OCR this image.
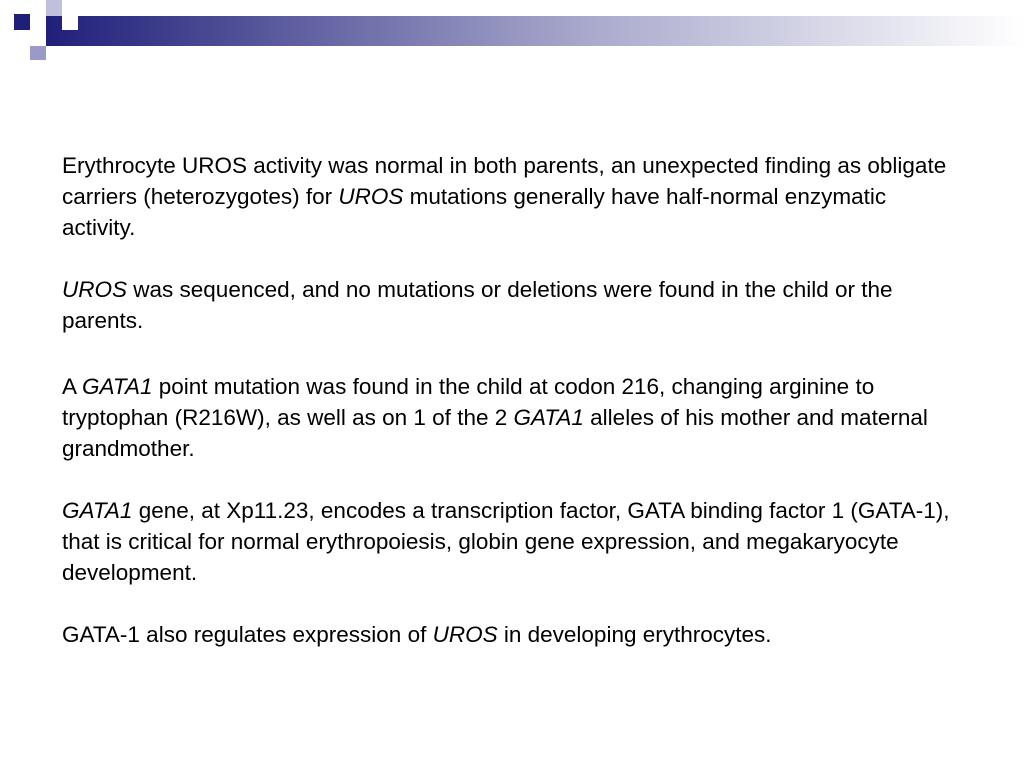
Erythrocyte UROS activity was normal in both parents, an unexpected finding as obligate carriers (heterozygotes) for UROS mutations generally have half-normal enzymatic activity.

UROS was sequenced, and no mutations or deletions were found in the child or the parents.

A GATA1 point mutation was found in the child at codon 216, changing arginine to tryptophan (R216W), as well as on 1 of the 2 GATA1 alleles of his mother and maternal grandmother.

GATA1 gene, at Xp11.23, encodes a transcription factor, GATA binding factor 1 (GATA-1), that is critical for normal erythropoiesis, globin gene expression, and megakaryocyte development.

GATA-1 also regulates expression of UROS in developing erythrocytes.
